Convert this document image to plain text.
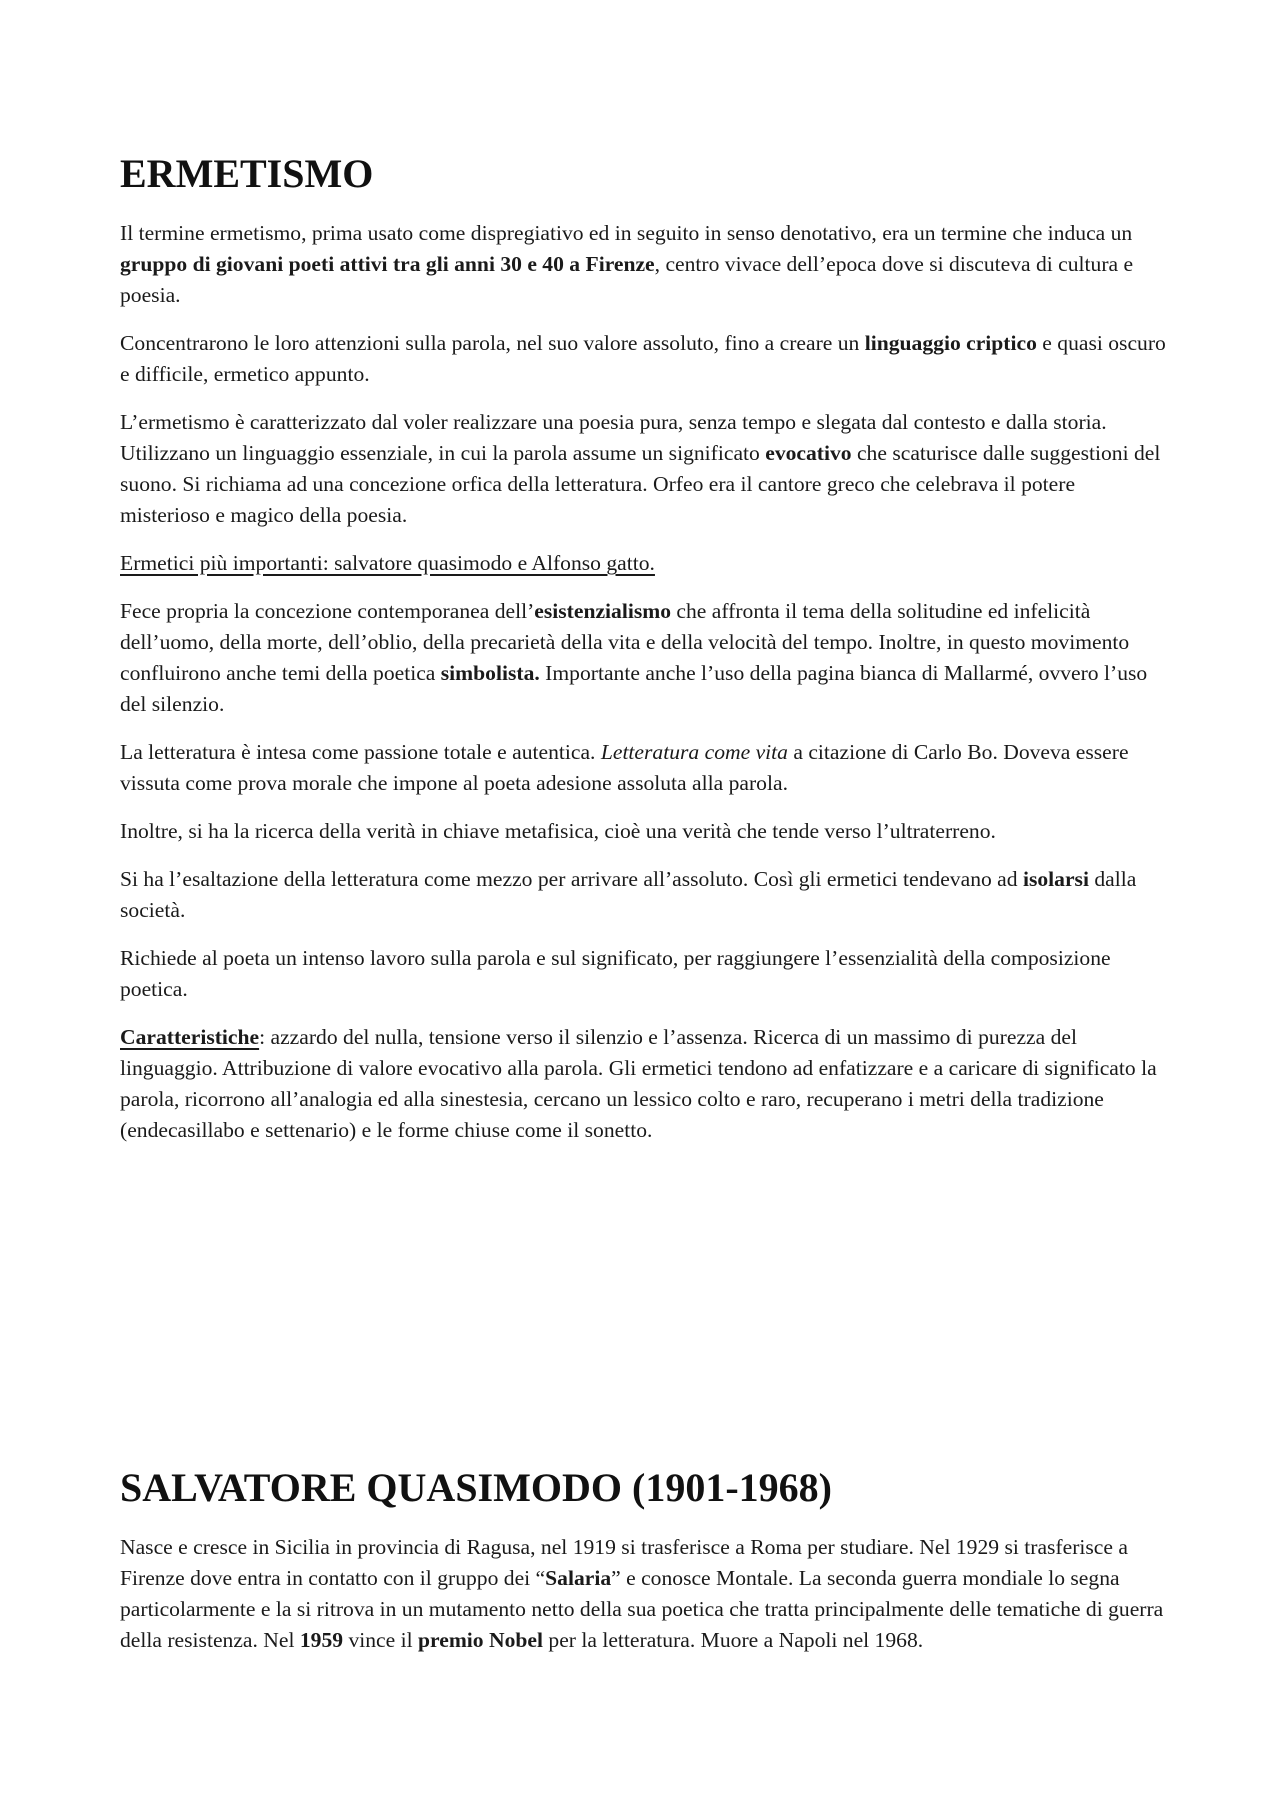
ERMETISMO

Il termine ermetismo, prima usato come dispregiativo ed in seguito in senso denotativo, era un termine che induca un gruppo di giovani poeti attivi tra gli anni 30 e 40 a Firenze, centro vivace dell’epoca dove si discuteva di cultura e poesia.

Concentrarono le loro attenzioni sulla parola, nel suo valore assoluto, fino a creare un linguaggio criptico e quasi oscuro e difficile, ermetico appunto.

L’ermetismo è caratterizzato dal voler realizzare una poesia pura, senza tempo e slegata dal contesto e dalla storia. Utilizzano un linguaggio essenziale, in cui la parola assume un significato evocativo che scaturisce dalle suggestioni del suono. Si richiama ad una concezione orfica della letteratura. Orfeo era il cantore greco che celebrava il potere misterioso e magico della poesia.

Ermetici più importanti: salvatore quasimodo e Alfonso gatto.

Fece propria la concezione contemporanea dell’esistenzialismo che affronta il tema della solitudine ed infelicità dell’uomo, della morte, dell’oblio, della precarietà della vita e della velocità del tempo. Inoltre, in questo movimento confluirono anche temi della poetica simbolista. Importante anche l’uso della pagina bianca di Mallarmé, ovvero l’uso del silenzio.

La letteratura è intesa come passione totale e autentica. Letteratura come vita a citazione di Carlo Bo. Doveva essere vissuta come prova morale che impone al poeta adesione assoluta alla parola.

Inoltre, si ha la ricerca della verità in chiave metafisica, cioè una verità che tende verso l’ultraterreno.

Si ha l’esaltazione della letteratura come mezzo per arrivare all’assoluto. Così gli ermetici tendevano ad isolarsi dalla società.

Richiede al poeta un intenso lavoro sulla parola e sul significato, per raggiungere l’essenzialità della composizione poetica.

Caratteristiche: azzardo del nulla, tensione verso il silenzio e l’assenza. Ricerca di un massimo di purezza del linguaggio. Attribuzione di valore evocativo alla parola. Gli ermetici tendono ad enfatizzare e a caricare di significato la parola, ricorrono all’analogia ed alla sinestesia, cercano un lessico colto e raro, recuperano i metri della tradizione (endecasillabo e settenario) e le forme chiuse come il sonetto.

SALVATORE QUASIMODO (1901-1968)

Nasce e cresce in Sicilia in provincia di Ragusa, nel 1919 si trasferisce a Roma per studiare. Nel 1929 si trasferisce a Firenze dove entra in contatto con il gruppo dei “Salaria” e conosce Montale. La seconda guerra mondiale lo segna particolarmente e la si ritrova in un mutamento netto della sua poetica che tratta principalmente delle tematiche di guerra della resistenza. Nel 1959 vince il premio Nobel per la letteratura. Muore a Napoli nel 1968.
